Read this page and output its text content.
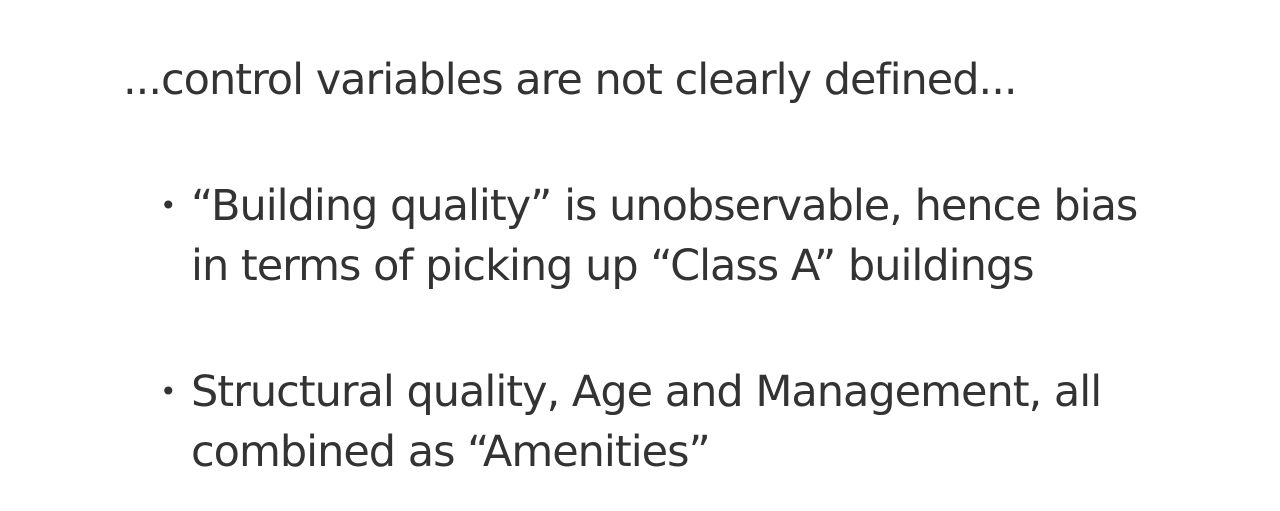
...control variables are not clearly defined...
• “Building quality” is unobservable, hence bias
in terms of picking up “Class A” buildings
• Structural quality, Age and Management, all
combined as “Amenities”
